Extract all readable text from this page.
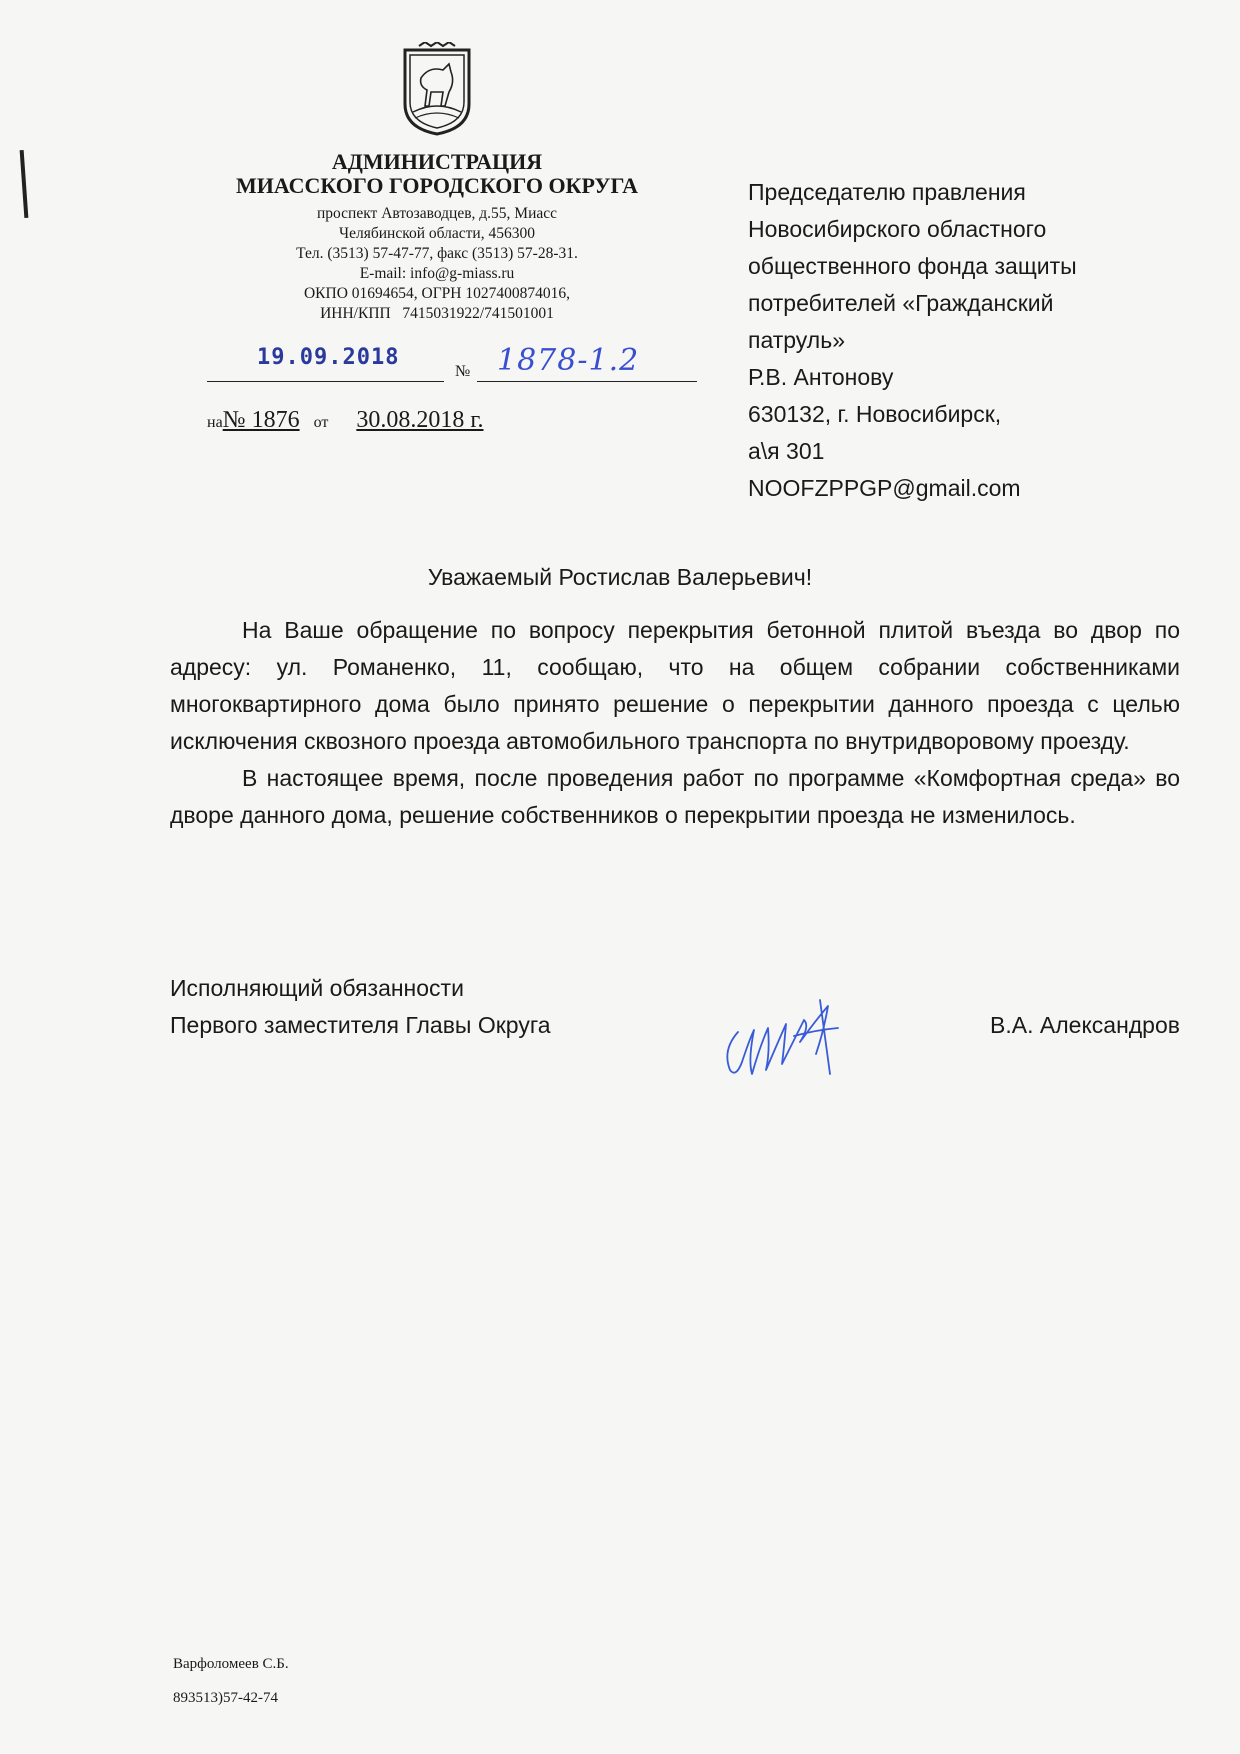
АДМИНИСТРАЦИЯ
МИАССКОГО ГОРОДСКОГО ОКРУГА
проспект Автозаводцев, д.55, Миасс
Челябинской области, 456300
Тел. (3513) 57-47-77, факс (3513) 57-28-31.
E-mail: info@g-miass.ru
ОКПО 01694654, ОГРН 1027400874016,
ИНН/КПП   7415031922/741501001
19.09.2018
№ 1878-1.2
на№ 1876 от 30.08.2018 г.
Председателю правления
Новосибирского областного
общественного фонда защиты
потребителей «Гражданский
патруль»
Р.В. Антонову
630132, г. Новосибирск,
а\я 301
NOOFZPPGP@gmail.com
Уважаемый Ростислав Валерьевич!

На Ваше обращение по вопросу перекрытия бетонной плитой въезда во двор по адресу: ул. Романенко, 11, сообщаю, что на общем собрании собственниками многоквартирного дома было принято решение о перекрытии данного проезда с целью исключения сквозного проезда автомобильного транспорта по внутридворовому проезду.

В настоящее время, после проведения работ по программе «Комфортная среда» во дворе данного дома, решение собственников о перекрытии проезда не изменилось.

Исполняющий обязанности
Первого заместителя Главы Округа	В.А. Александров
Варфоломеев С.Б.
893513)57-42-74
